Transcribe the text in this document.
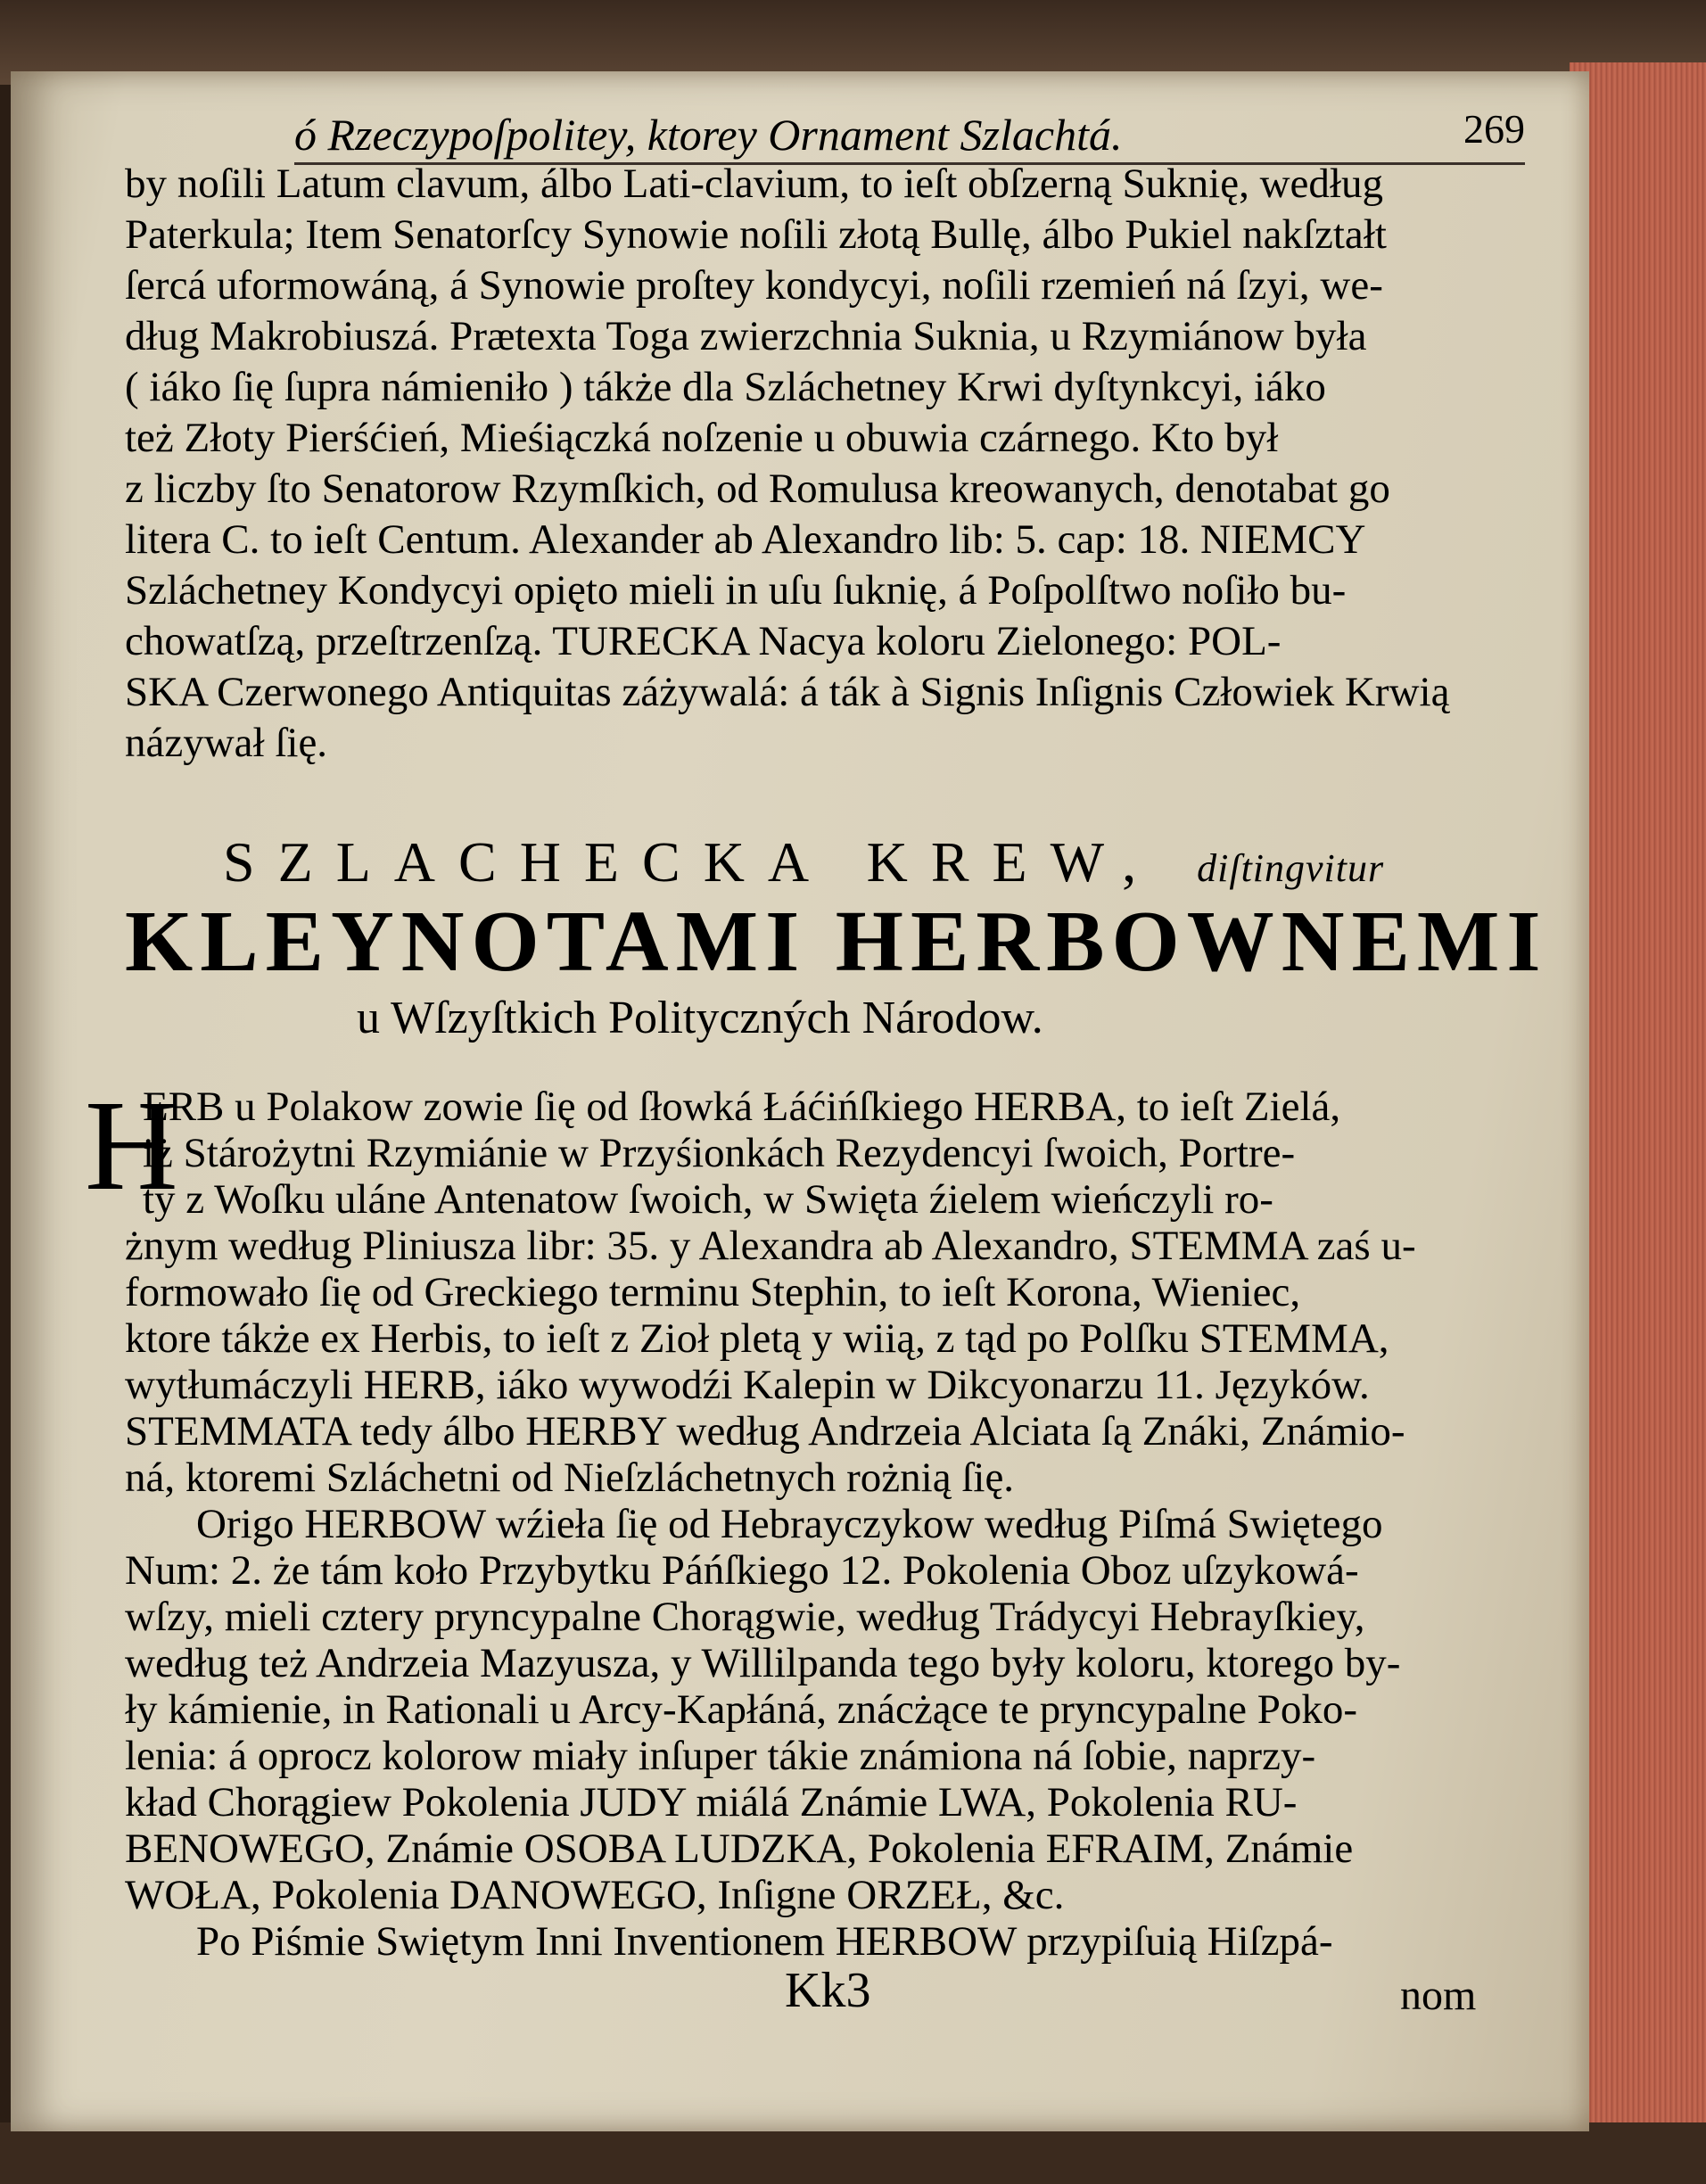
ó Rzeczypoſpolitey, ktorey Ornament Szlachtá.	269
by noſili Latum clavum, álbo Lati-clavium, to ieſt obſzerną Suknię, według
Paterkula; Item Senatorſcy Synowie noſili złotą Bullę, álbo Pukiel nakſztałt
ſercá uformowáną, á Synowie proſtey kondycyi, noſili rzemień ná ſzyi, we-
dług Makrobiuszá. Prætexta Toga zwierzchnia Suknia, u Rzymiánow była
( iáko ſię ſupra námieniło ) tákże dla Szláchetney Krwi dyſtynkcyi, iáko
też Złoty Pierśćień, Mieśiączká noſzenie u obuwia czárnego. Kto był
z liczby ſto Senatorow Rzymſkich, od Romulusa kreowanych, denotabat go
litera C. to ieſt Centum. Alexander ab Alexandro lib: 5. cap: 18. NIEMCY
Szláchetney Kondycyi opięto mieli in uſu ſuknię, á Poſpolſtwo noſiło bu-
chowatſzą, przeſtrzenſzą. TURECKA Nacya koloru Zielonego: POL-
SKA Czerwonego Antiquitas záżywalá: á ták à Signis Inſignis Człowiek Krwią
názywał ſię.
SZLACHECKA KREW, diſtingvitur
KLEYNOTAMI HERBOWNEMI
u Wſzyſtkich Polityczných Národow.
H
ERB u Polakow zowie ſię od ſłowká Łáćińſkiego HERBA, to ieſt Zielá,
iż Stárożytni Rzymiánie w Przyśionkách Rezydencyi ſwoich, Portre-
ty z Woſku uláne Antenatow ſwoich, w Swięta źielem wieńczyli ro-
żnym według Pliniusza libr: 35. y Alexandra ab Alexandro, STEMMA zaś u-
formowało ſię od Greckiego terminu Stephin, to ieſt Korona, Wieniec,
ktore tákże ex Herbis, to ieſt z Zioł pletą y wiią, z tąd po Polſku STEMMA,
wytłumáczyli HERB, iáko wywodźi Kalepin w Dikcyonarzu 11. Języków.
STEMMATA tedy álbo HERBY według Andrzeia Alciata ſą Znáki, Známio-
ná, ktoremi Szláchetni od Nieſzláchetnych rożnią ſię.
Origo HERBOW wźieła ſię od Hebrayczykow według Piſmá Swiętego
Num: 2. że tám koło Przybytku Páńſkiego 12. Pokolenia Oboz uſzykowá-
wſzy, mieli cztery pryncypalne Chorągwie, według Trádycyi Hebrayſkiey,
według też Andrzeia Mazyusza, y Willilpanda tego były koloru, ktorego by-
ły kámienie, in Rationali u Arcy-Kapłáná, znácżące te pryncypalne Poko-
lenia: á oprocz kolorow miały inſuper tákie známiona ná ſobie, naprzy-
kład Chorągiew Pokolenia JUDY miálá Známie LWA, Pokolenia RU-
BENOWEGO, Známie OSOBA LUDZKA, Pokolenia EFRAIM, Známie
WOŁA, Pokolenia DANOWEGO, Inſigne ORZEŁ, &c.
Po Piśmie Swiętym Inni Inventionem HERBOW przypiſuią Hiſzpá-
Kk3	nom
